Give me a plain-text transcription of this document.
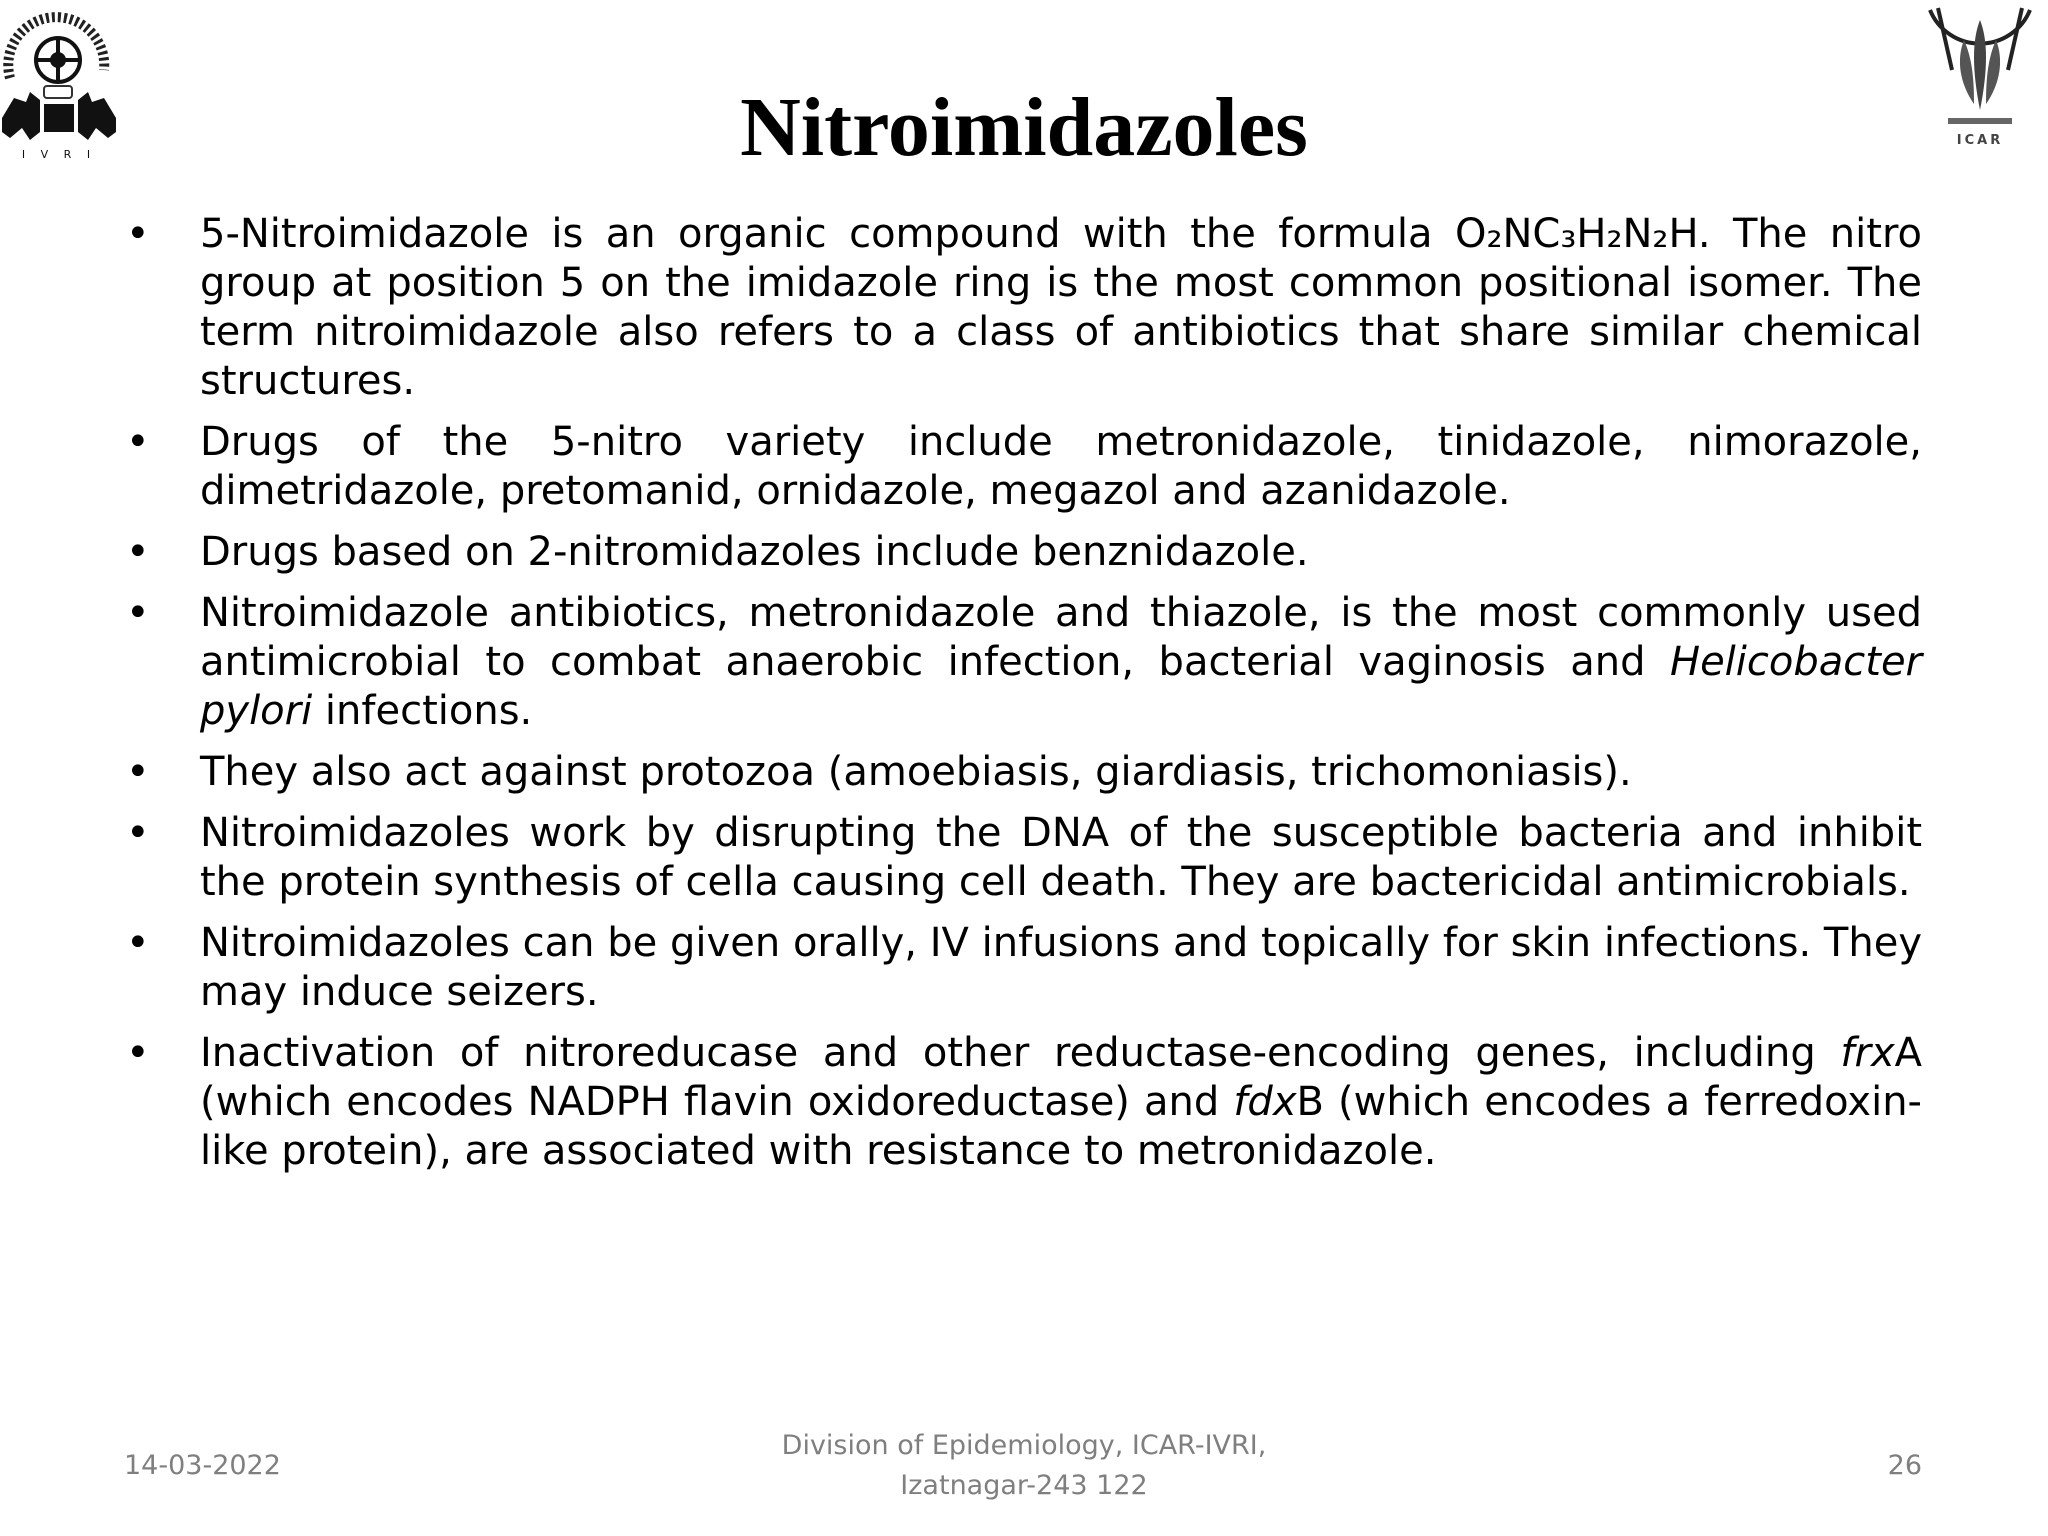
I V R I
ICAR
Nitroimidazoles
• 5-Nitroimidazole is an organic compound with the formula O₂NC₃H₂N₂H. The nitro group at position 5 on the imidazole ring is the most common positional isomer. The term nitroimidazole also refers to a class of antibiotics that share similar chemical structures.
• Drugs of the 5-nitro variety include metronidazole, tinidazole, nimorazole, dimetridazole, pretomanid, ornidazole, megazol and azanidazole.
• Drugs based on 2-nitromidazoles include benznidazole.
• Nitroimidazole antibiotics, metronidazole and thiazole, is the most commonly used antimicrobial to combat anaerobic infection, bacterial vaginosis and Helicobacter pylori infections.
• They also act against protozoa (amoebiasis, giardiasis, trichomoniasis).
• Nitroimidazoles work by disrupting the DNA of the susceptible bacteria and inhibit the protein synthesis of cella causing cell death. They are bactericidal antimicrobials.
• Nitroimidazoles can be given orally, IV infusions and topically for skin infections. They may induce seizers.
• Inactivation of nitroreducase and other reductase-encoding genes, including frxA (which encodes NADPH flavin oxidoreductase) and fdxB (which encodes a ferredoxin-like protein), are associated with resistance to metronidazole.
14-03-2022
Division of Epidemiology, ICAR-IVRI,
Izatnagar-243 122
26
